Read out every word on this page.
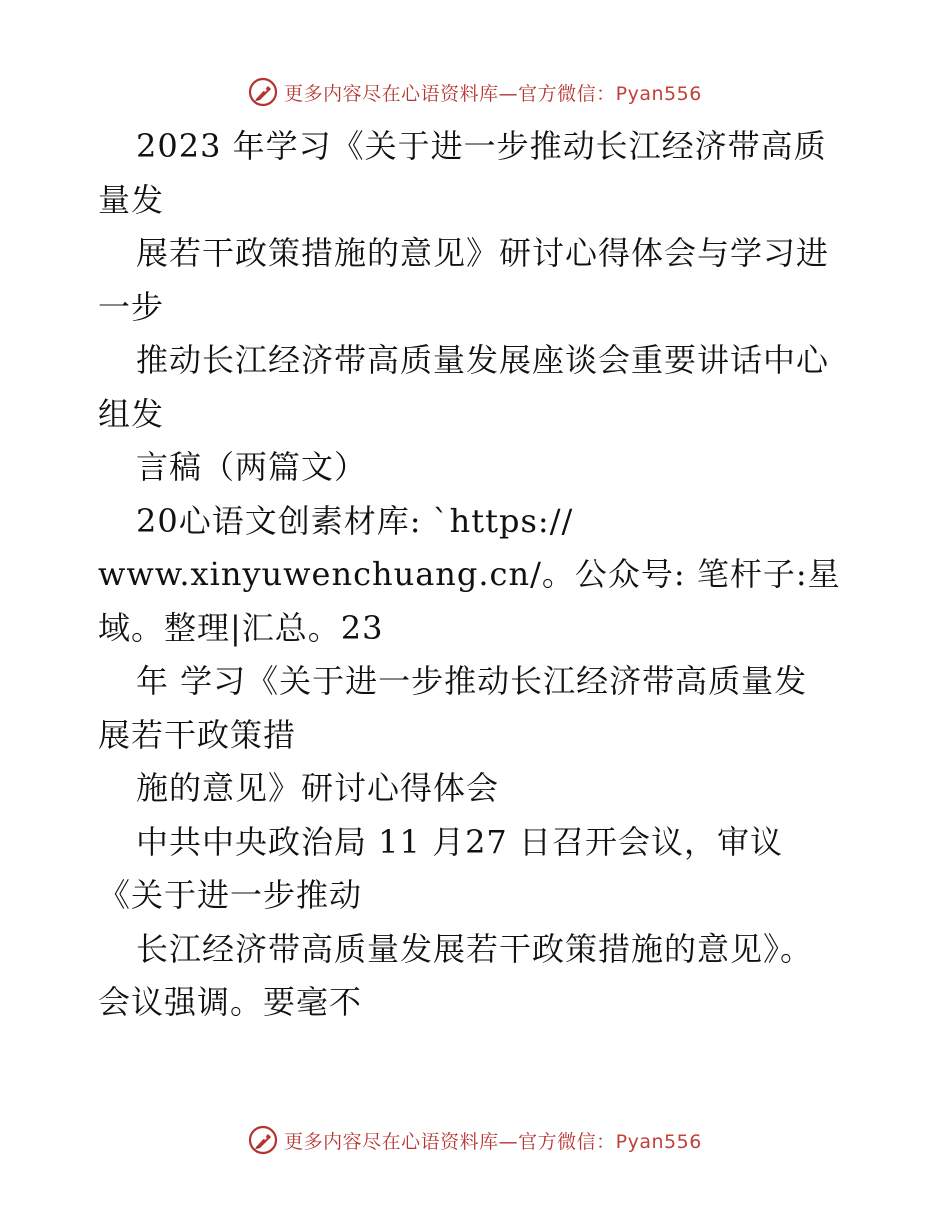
更多内容尽在心语资料库—官方微信：Pyan556
2023 年学习《关于进一步推动长江经济带高质
量发
展若干政策措施的意见》研讨心得体会与学习进
一步
推动长江经济带高质量发展座谈会重要讲话中心
组发
言稿（两篇文）
20心语文创素材库: `https://
www.xinyuwenchuang.cn/。公众号: 笔杆子:星
域。整理|汇总。23
年 学习《关于进一步推动长江经济带高质量发
展若干政策措
施的意见》研讨心得体会
中共中央政治局 11 月27 日召开会议，审议
《关于进一步推动
长江经济带高质量发展若干政策措施的意见》。
会议强调。要毫不
更多内容尽在心语资料库—官方微信：Pyan556
